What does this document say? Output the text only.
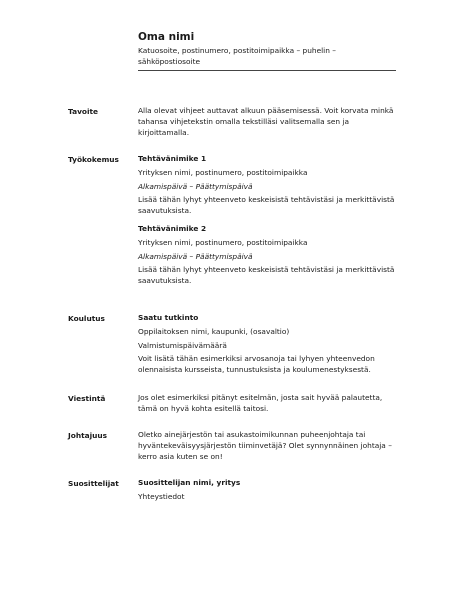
Oma nimi
Katuosoite, postinumero, postitoimipaikka – puhelin –
sähköpostiosoite
Tavoite	Alla olevat vihjeet auttavat alkuun pääsemisessä. Voit korvata minkä tahansa vihjetekstin omalla tekstilläsi valitsemalla sen ja kirjoittamalla.
Työkokemus	Tehtävänimike 1
Yrityksen nimi, postinumero, postitoimipaikka
Alkamispäivä – Päättymispäivä
Lisää tähän lyhyt yhteenveto keskeisistä tehtävistäsi ja merkittävistä saavutuksista.
Tehtävänimike 2
Yrityksen nimi, postinumero, postitoimipaikka
Alkamispäivä – Päättymispäivä
Lisää tähän lyhyt yhteenveto keskeisistä tehtävistäsi ja merkittävistä saavutuksista.
Koulutus	Saatu tutkinto
Oppilaitoksen nimi, kaupunki, (osavaltio)
Valmistumispäivämäärä
Voit lisätä tähän esimerkiksi arvosanoja tai lyhyen yhteenvedon olennaisista kursseista, tunnustuksista ja koulumenestyksestä.
Viestintä	Jos olet esimerkiksi pitänyt esitelmän, josta sait hyvää palautetta, tämä on hyvä kohta esitellä taitosi.
Johtajuus	Oletko ainejärjestön tai asukastoimikunnan puheenjohtaja tai hyväntekeväisyysjärjestön tiiminvetäjä? Olet synnynnäinen johtaja – kerro asia kuten se on!
Suosittelijat	Suosittelijan nimi, yritys
Yhteystiedot
